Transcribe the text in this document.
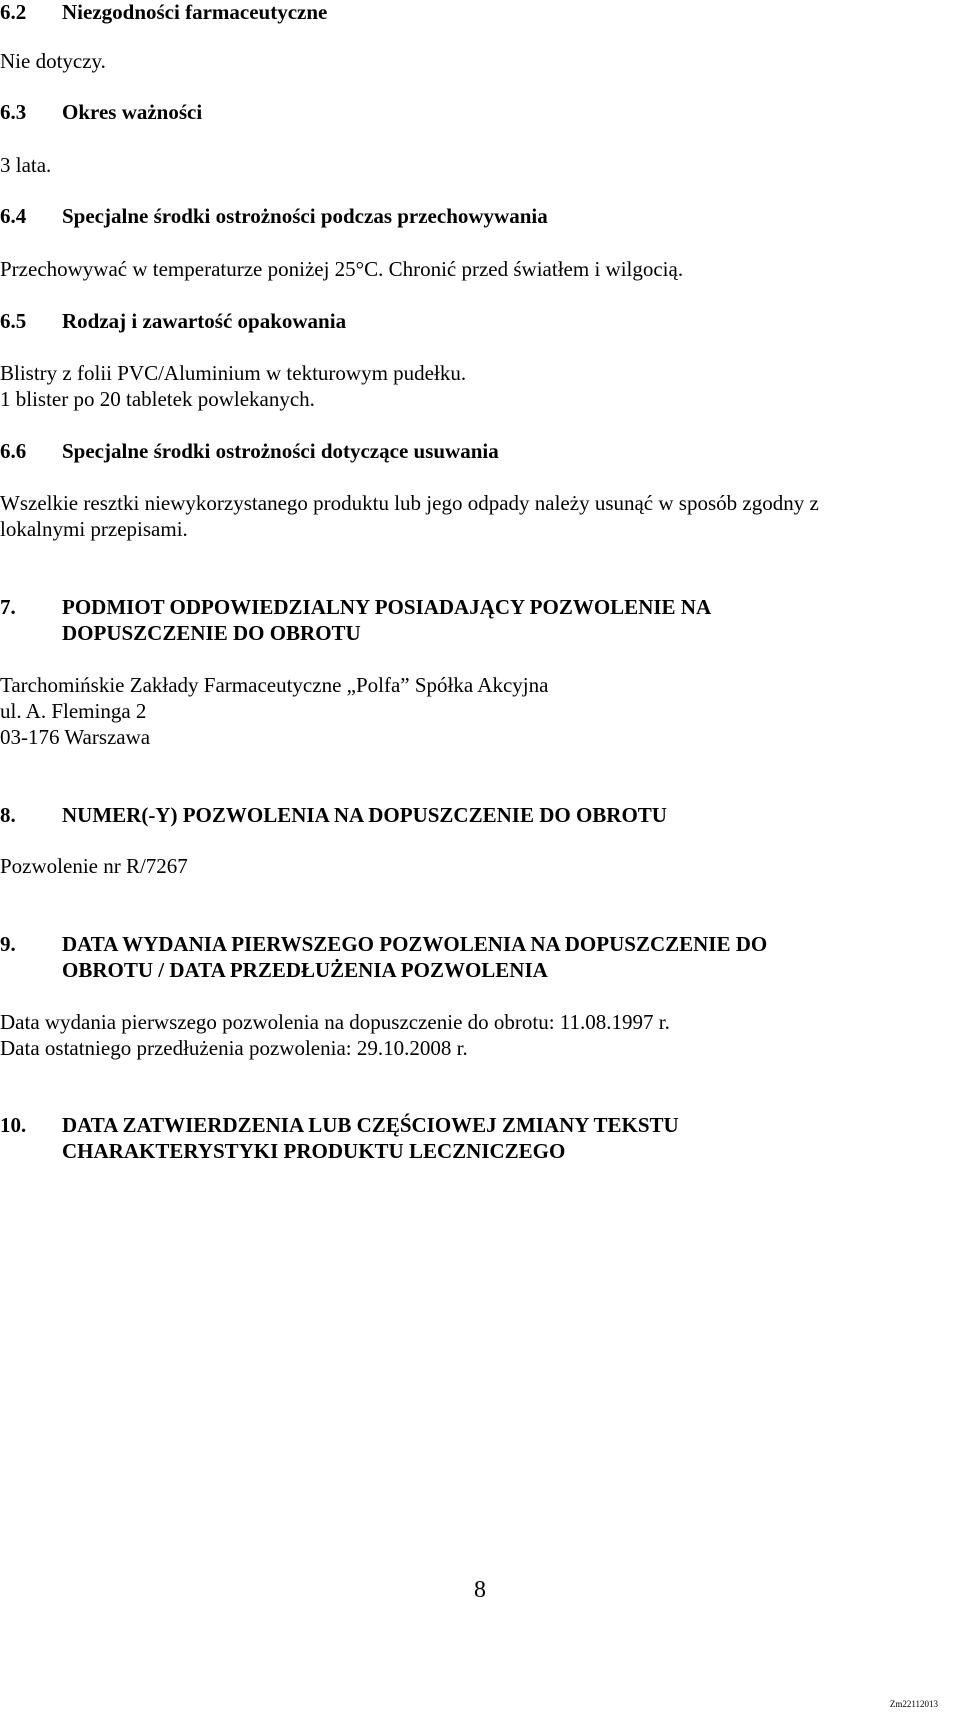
6.2 Niezgodności farmaceutyczne
Nie dotyczy.
6.3 Okres ważności
3 lata.
6.4 Specjalne środki ostrożności podczas przechowywania
Przechowywać w temperaturze poniżej 25°C. Chronić przed światłem i wilgocią.
6.5 Rodzaj i zawartość opakowania
Blistry z folii PVC/Aluminium w tekturowym pudełku.
1 blister po 20 tabletek powlekanych.
6.6 Specjalne środki ostrożności dotyczące usuwania
Wszelkie resztki niewykorzystanego produktu lub jego odpady należy usunąć w sposób zgodny z
lokalnymi przepisami.
7. PODMIOT ODPOWIEDZIALNY POSIADAJĄCY POZWOLENIE NA
DOPUSZCZENIE DO OBROTU
Tarchomińskie Zakłady Farmaceutyczne „Polfa” Spółka Akcyjna
ul. A. Fleminga 2
03-176 Warszawa
8. NUMER(-Y) POZWOLENIA NA DOPUSZCZENIE DO OBROTU
Pozwolenie nr R/7267
9. DATA WYDANIA PIERWSZEGO POZWOLENIA NA DOPUSZCZENIE DO
OBROTU / DATA PRZEDŁUŻENIA POZWOLENIA
Data wydania pierwszego pozwolenia na dopuszczenie do obrotu: 11.08.1997 r.
Data ostatniego przedłużenia pozwolenia: 29.10.2008 r.
10. DATA ZATWIERDZENIA LUB CZĘŚCIOWEJ ZMIANY TEKSTU
CHARAKTERYSTYKI PRODUKTU LECZNICZEGO
8
Zm22112013
